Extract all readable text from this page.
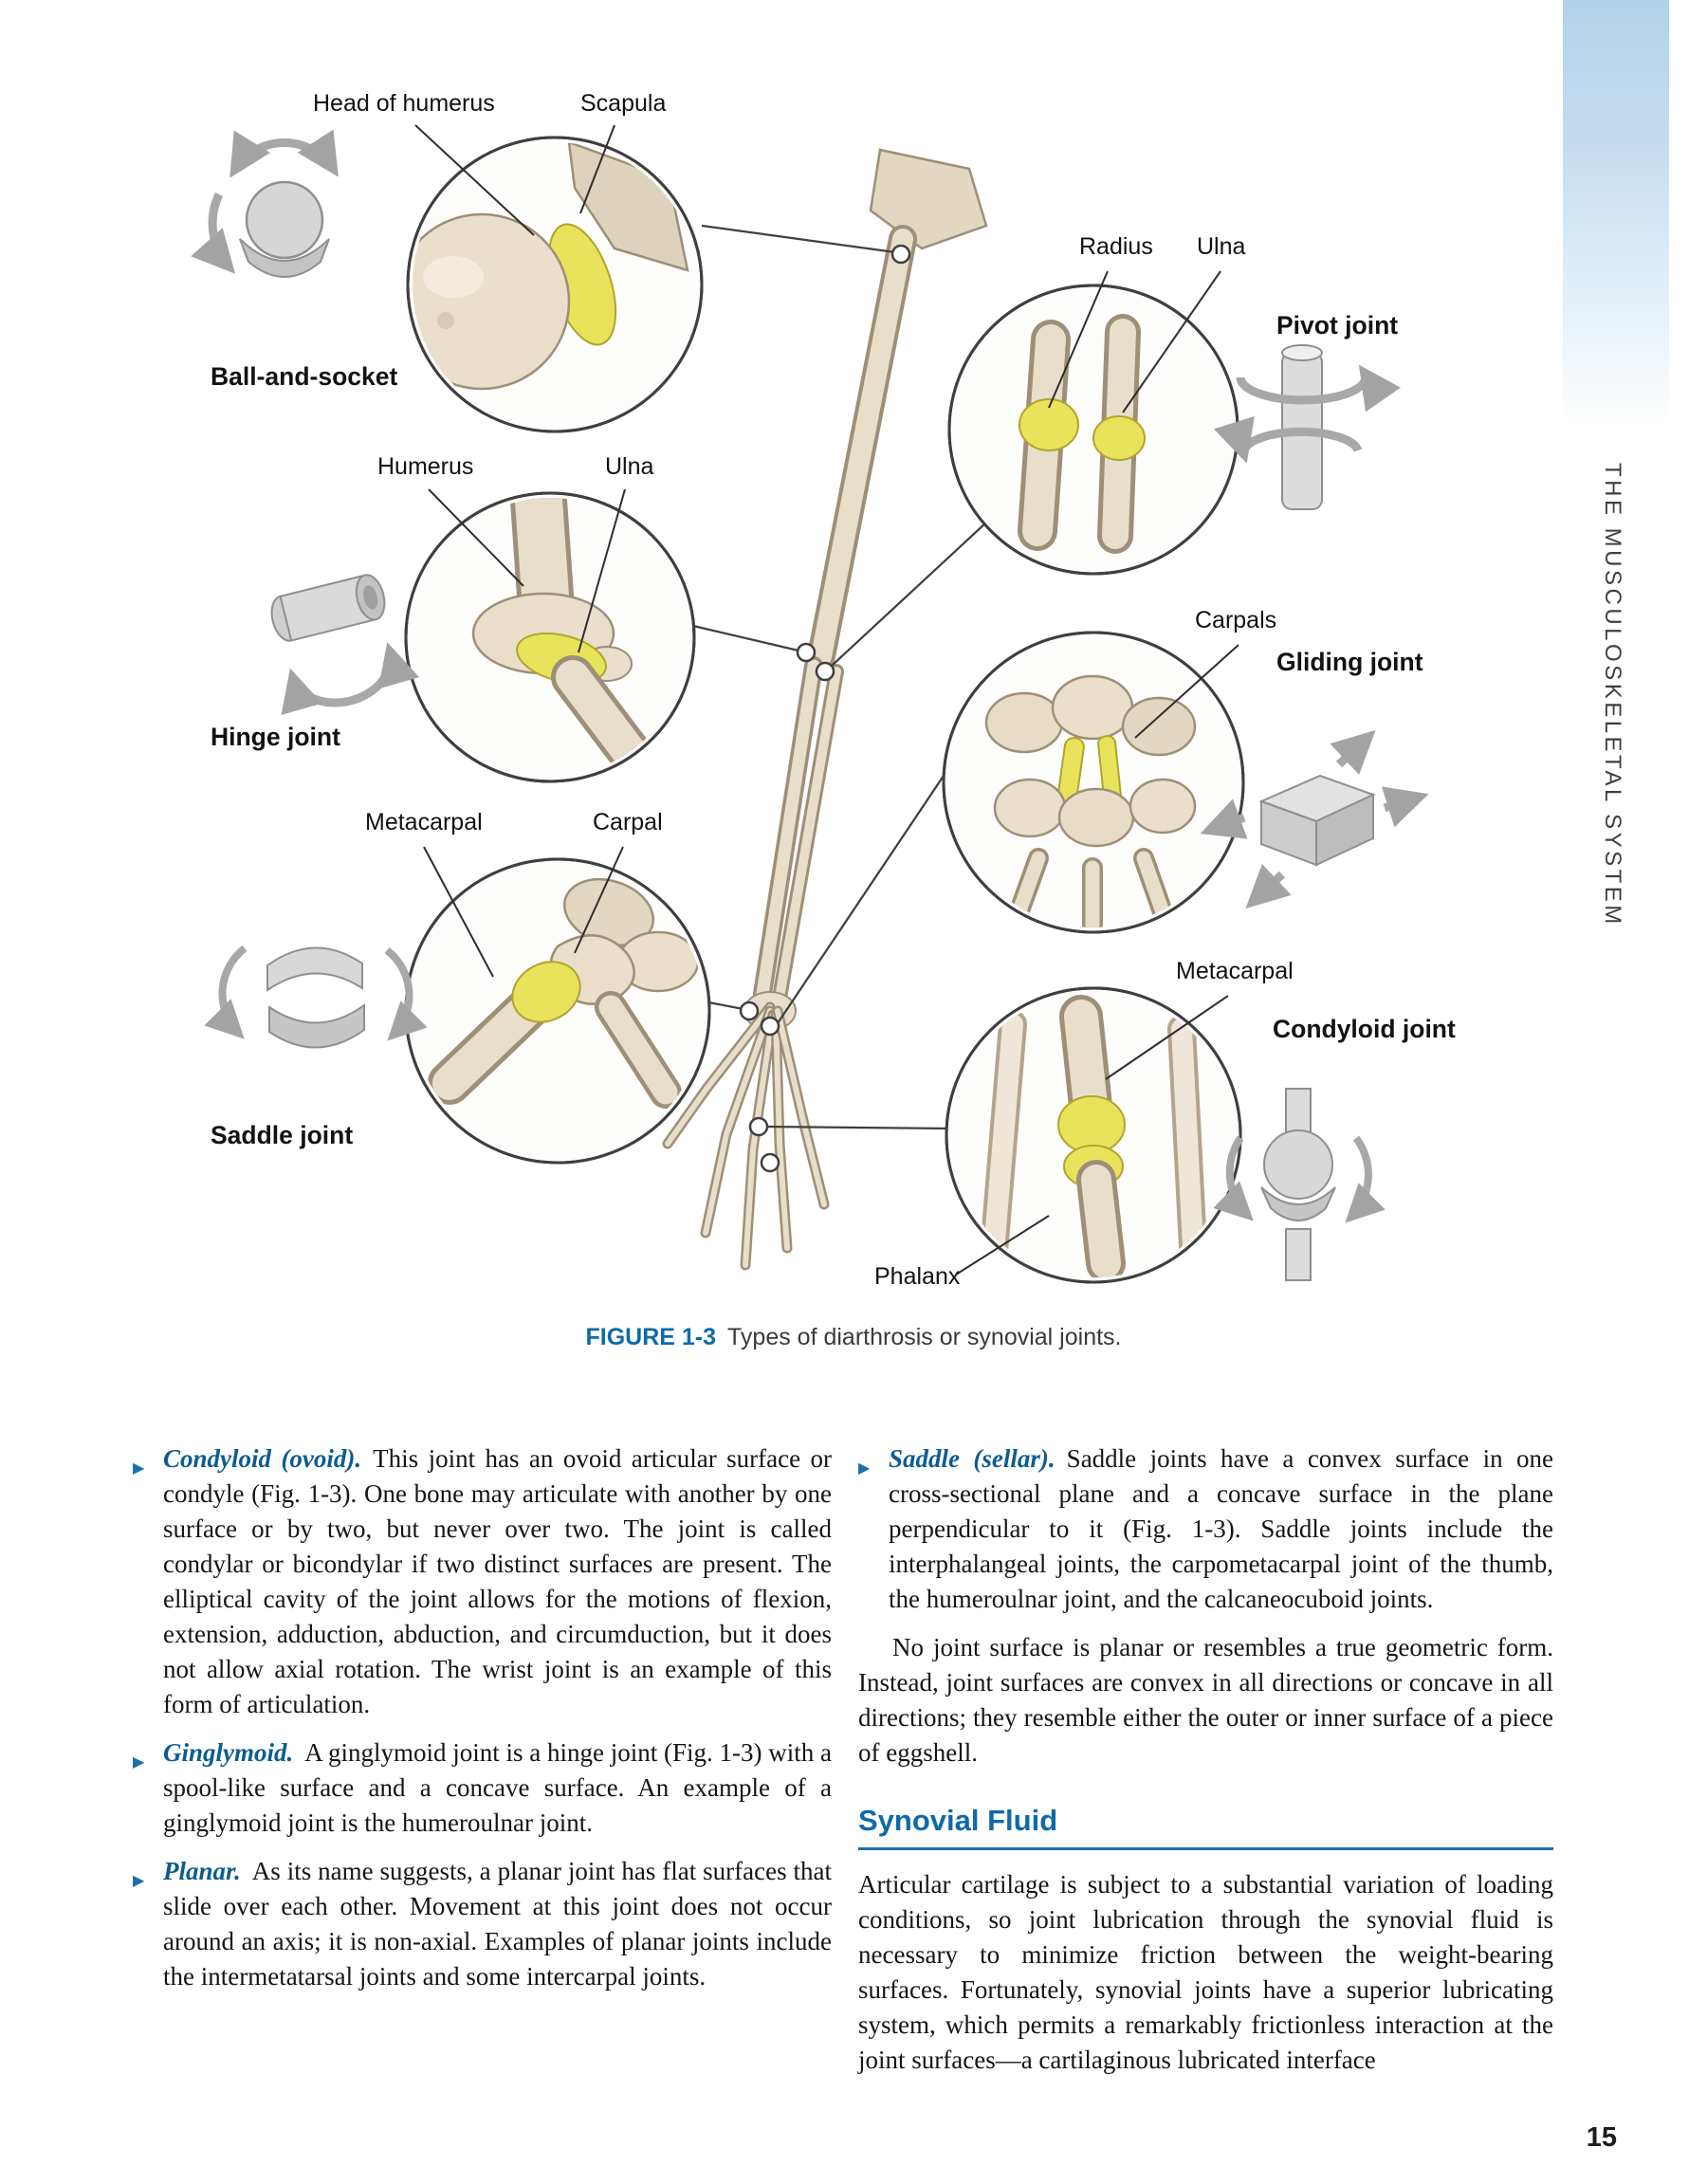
THE MUSCULOSKELETAL SYSTEM
Head of humerus	Scapula
Ball-and-socket
Humerus	Ulna
Hinge joint
Metacarpal	Carpal
Saddle joint
Radius Ulna
Pivot joint
Carpals
Gliding joint
Metacarpal
Condyloid joint
Phalanx
FIGURE 1-3 Types of diarthrosis or synovial joints.
▶ Condyloid (ovoid). This joint has an ovoid articular surface or condyle (Fig. 1-3). One bone may articulate with another by one surface or by two, but never over two. The joint is called condylar or bicondylar if two distinct surfaces are present. The elliptical cavity of the joint allows for the motions of flexion, extension, adduction, abduction, and circumduction, but it does not allow axial rotation. The wrist joint is an example of this form of articulation.

▶ Ginglymoid. A ginglymoid joint is a hinge joint (Fig. 1-3) with a spool-like surface and a concave surface. An example of a ginglymoid joint is the humeroulnar joint.

▶ Planar. As its name suggests, a planar joint has flat surfaces that slide over each other. Movement at this joint does not occur around an axis; it is non-axial. Examples of planar joints include the intermetatarsal joints and some intercarpal joints.

▶ Saddle (sellar). Saddle joints have a convex surface in one cross-sectional plane and a concave surface in the plane perpendicular to it (Fig. 1-3). Saddle joints include the interphalangeal joints, the carpometacarpal joint of the thumb, the humeroulnar joint, and the calcaneocuboid joints.

No joint surface is planar or resembles a true geometric form. Instead, joint surfaces are convex in all directions or concave in all directions; they resemble either the outer or inner surface of a piece of eggshell.

Synovial Fluid

Articular cartilage is subject to a substantial variation of loading conditions, so joint lubrication through the synovial fluid is necessary to minimize friction between the weight-bearing surfaces. Fortunately, synovial joints have a superior lubricating system, which permits a remarkably frictionless interaction at the joint surfaces—a cartilaginous lubricated interface

15
